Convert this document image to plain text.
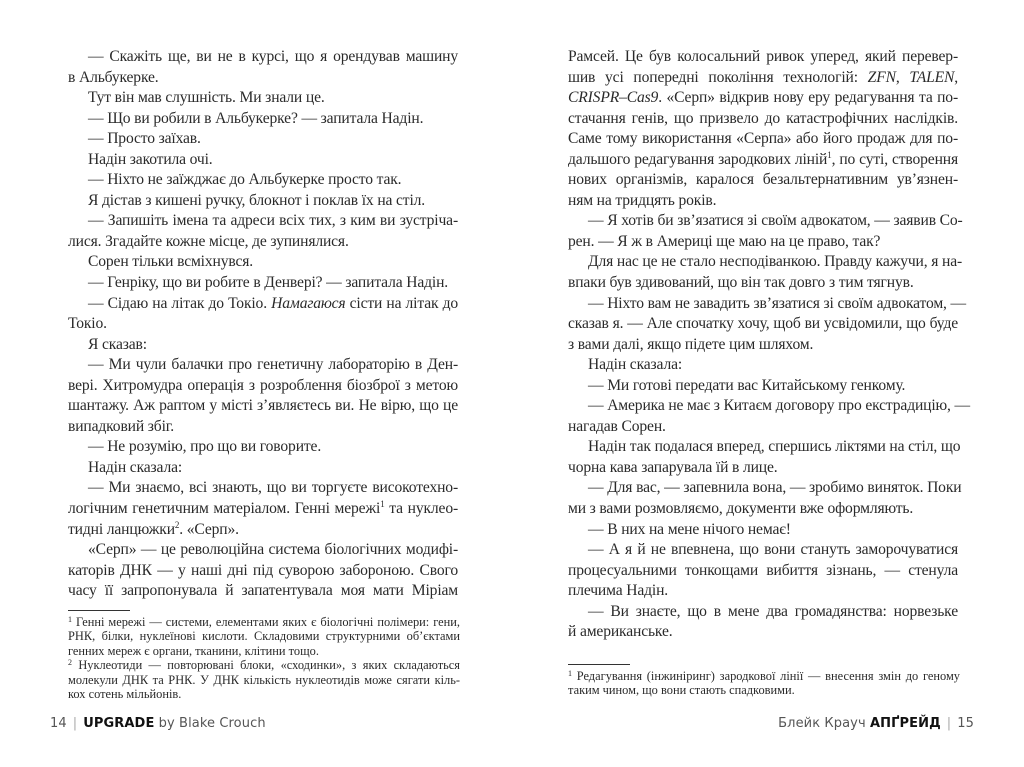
— Скажіть ще, ви не в курсі, що я орендував машину
в Альбукерке.
Тут він мав слушність. Ми знали це.
— Що ви робили в Альбукерке? — запитала Надін.
— Просто заїхав.
Надін закотила очі.
— Ніхто не заїжджає до Альбукерке просто так.
Я дістав з кишені ручку, блокнот і поклав їх на стіл.
— Запишіть імена та адреси всіх тих, з ким ви зустріча-
лися. Згадайте кожне місце, де зупинялися.
Сорен тільки всміхнувся.
— Генріку, що ви робите в Денвері? — запитала Надін.
— Сідаю на літак до Токіо. Намагаюся сісти на літак до
Токіо.
Я сказав:
— Ми чули балачки про генетичну лабораторію в Ден-
вері. Хитромудра операція з розроблення біозброї з метою
шантажу. Аж раптом у місті з’являєтесь ви. Не вірю, що це
випадковий збіг.
— Не розумію, про що ви говорите.
Надін сказала:
— Ми знаємо, всі знають, що ви торгуєте високотехно-
логічним генетичним матеріалом. Генні мережі$^1$ та нуклео-
тидні ланцюжки$^2$. «Серп».
«Серп» — це революційна система біологічних модифі-
каторів ДНК — у наші дні під суворою забороною. Свого
часу її запропонувала й запатентувала моя мати Міріам
$^1$ Генні мережі — системи, елементами яких є біологічні полімери: гени,
РНК, білки, нуклеїнові кислоти. Складовими структурними об’єктами
генних мереж є органи, тканини, клітини тощо.
$^2$ Нуклеотиди — повторювані блоки, «сходинки», з яких складаються
молекули ДНК та РНК. У ДНК кількість нуклеотидів може сягати кіль-
кох сотень мільйонів.
14 | UPGRADE by Blake Crouch
Рамсей. Це був колосальний ривок уперед, який перевер-
шив усі попередні покоління технологій: ZFN, TALEN,
CRISPR–Cas9. «Серп» відкрив нову еру редагування та по-
стачання генів, що призвело до катастрофічних наслідків.
Саме тому використання «Серпа» або його продаж для по-
дальшого редагування зародкових ліній$^1$, по суті, створення
нових організмів, каралося безальтернативним ув’язнен-
ням на тридцять років.
— Я хотів би зв’язатися зі своїм адвокатом, — заявив Со-
рен. — Я ж в Америці ще маю на це право, так?
Для нас це не стало несподіванкою. Правду кажучи, я на-
впаки був здивований, що він так довго з тим тягнув.
— Ніхто вам не завадить зв’язатися зі своїм адвокатом, —
сказав я. — Але спочатку хочу, щоб ви усвідомили, що буде
з вами далі, якщо підете цим шляхом.
Надін сказала:
— Ми готові передати вас Китайському генкому.
— Америка не має з Китаєм договору про екстрадицію, —
нагадав Сорен.
Надін так подалася вперед, спершись ліктями на стіл, що
чорна кава запарувала їй в лице.
— Для вас, — запевнила вона, — зробимо виняток. Поки
ми з вами розмовляємо, документи вже оформляють.
— В них на мене нічого немає!
— А я й не впевнена, що вони стануть заморочуватися
процесуальними тонкощами вибиття зізнань, — стенула
плечима Надін.
— Ви знаєте, що в мене два громадянства: норвезьке
й американське.
$^1$ Редагування (інжиніринг) зародкової лінії — внесення змін до геному
таким чином, що вони стають спадковими.
Блейк Крауч АПҐРЕЙД | 15
